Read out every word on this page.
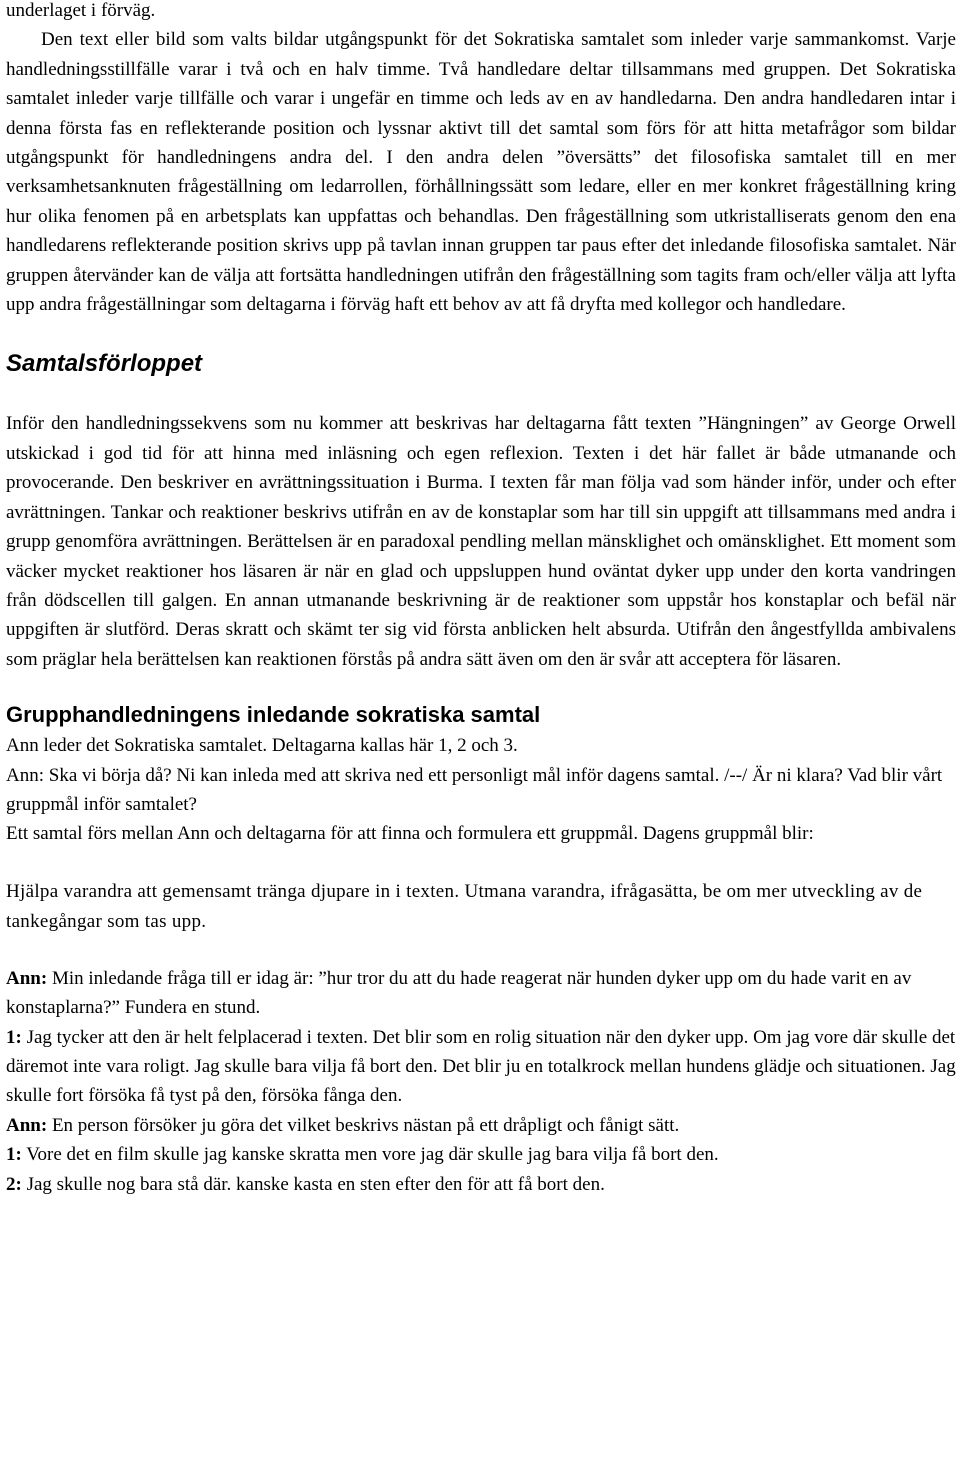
underlaget i förväg.

Den text eller bild som valts bildar utgångspunkt för det Sokratiska samtalet som inleder varje sammankomst. Varje handledningsstillfälle varar i två och en halv timme. Två handledare deltar tillsammans med gruppen. Det Sokratiska samtalet inleder varje tillfälle och varar i ungefär en timme och leds av en av handledarna. Den andra handledaren intar i denna första fas en reflekterande position och lyssnar aktivt till det samtal som förs för att hitta metafrågor som bildar utgångspunkt för handledningens andra del. I den andra delen ”översätts” det filosofiska samtalet till en mer verksamhetsanknuten frågeställning om ledarrollen, förhållningssätt som ledare, eller en mer konkret frågeställning kring hur olika fenomen på en arbetsplats kan uppfattas och behandlas. Den frågeställning som utkristalliserats genom den ena handledarens reflekterande position skrivs upp på tavlan innan gruppen tar paus efter det inledande filosofiska samtalet. När gruppen återvänder kan de välja att fortsätta handledningen utifrån den frågeställning som tagits fram och/eller välja att lyfta upp andra frågeställningar som deltagarna i förväg haft ett behov av att få dryfta med kollegor och handledare.

Samtalsförloppet

Inför den handledningssekvens som nu kommer att beskrivas har deltagarna fått texten ”Hängningen” av George Orwell utskickad i god tid för att hinna med inläsning och egen reflexion. Texten i det här fallet är både utmanande och provocerande. Den beskriver en avrättningssituation i Burma. I texten får man följa vad som händer inför, under och efter avrättningen. Tankar och reaktioner beskrivs utifrån en av de konstaplar som har till sin uppgift att tillsammans med andra i grupp genomföra avrättningen. Berättelsen är en paradoxal pendling mellan mänsklighet och omänsklighet. Ett moment som väcker mycket reaktioner hos läsaren är när en glad och uppsluppen hund oväntat dyker upp under den korta vandringen från dödscellen till galgen. En annan utmanande beskrivning är de reaktioner som uppstår hos konstaplar och befäl när uppgiften är slutförd. Deras skratt och skämt ter sig vid första anblicken helt absurda. Utifrån den ångestfyllda ambivalens som präglar hela berättelsen kan reaktionen förstås på andra sätt även om den är svår att acceptera för läsaren.

Grupphandledningens inledande sokratiska samtal

Ann leder det Sokratiska samtalet. Deltagarna kallas här 1, 2 och 3.

Ann: Ska vi börja då? Ni kan inleda med att skriva ned ett personligt mål inför dagens samtal. /--/ Är ni klara? Vad blir vårt gruppmål inför samtalet?

Ett samtal förs mellan Ann och deltagarna för att finna och formulera ett gruppmål. Dagens gruppmål blir:

Hjälpa varandra att gemensamt tränga djupare in i texten. Utmana varandra, ifrågasätta, be om mer utveckling av de tankegångar som tas upp.

Ann: Min inledande fråga till er idag är: ”hur tror du att du hade reagerat när hunden dyker upp om du hade varit en av konstaplarna?” Fundera en stund.

1: Jag tycker att den är helt felplacerad i texten. Det blir som en rolig situation när den dyker upp. Om jag vore där skulle det däremot inte vara roligt. Jag skulle bara vilja få bort den. Det blir ju en totalkrock mellan hundens glädje och situationen. Jag skulle fort försöka få tyst på den, försöka fånga den.

Ann: En person försöker ju göra det vilket beskrivs nästan på ett dråpligt och fånigt sätt.

1: Vore det en film skulle jag kanske skratta men vore jag där skulle jag bara vilja få bort den.

2: Jag skulle nog bara stå där. kanske kasta en sten efter den för att få bort den.
